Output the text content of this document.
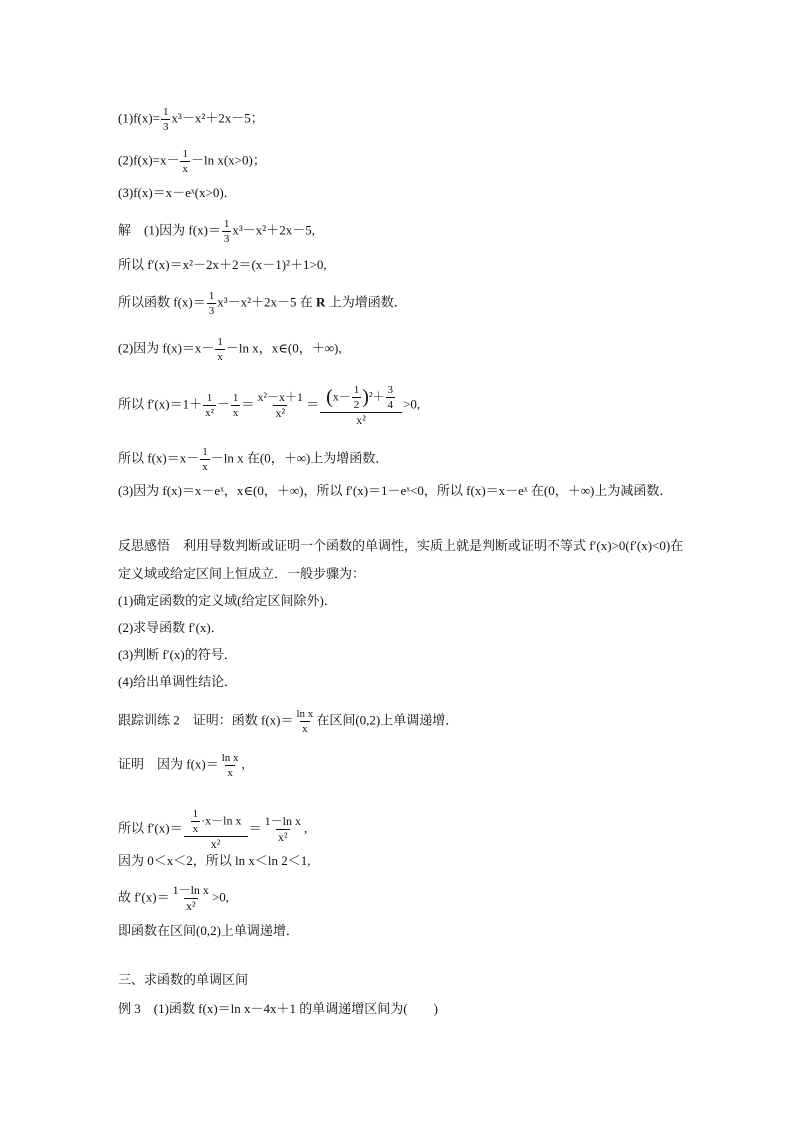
$(1)f(x)= \frac{1}{3} x^3-x^2+2x-5$；
$(2)f(x)=x- \frac{1}{x} -\ln$ x(x>0)；
(3)f(x)＝x－eˣ(x>0)．
解　(1)因为 $f(x)= \frac{1}{3} x^3-x^2+2x-5$,
所以 f′(x)＝x²－2x＋2＝(x－1)²＋1>0,
所以函数 $f(x)= \frac{1}{3} x^3-x^2+2x-5$ 在 R 上为增函数．
(2)因为 $f(x)=x- \frac{1}{x} -\ln$ x，x∈(0，＋∞),
所以 $f'(x)=1+ \frac{1}{\text{x²}} - \frac{1}{x} = \frac{\text{x²－x＋1}}{\text{x²}} = \frac{(x- \frac{1}{2} )^2+ \frac{3}{4}}{\text{x²}} >0$,
所以 $f(x)=x- \frac{1}{x} -\ln$ x 在(0，＋∞)上为增函数．
(3)因为 f(x)＝x－eˣ，x∈(0，＋∞)，所以 f′(x)＝1－eˣ<0，所以 f(x)＝x－eˣ 在(0，＋∞)上为减函数．
反思感悟　利用导数判断或证明一个函数的单调性，实质上就是判断或证明不等式 f′(x)>0(f′(x)<0)在定义域或给定区间上恒成立．一般步骤为：
(1)确定函数的定义域(给定区间除外)．
(2)求导函数 f′(x)．
(3)判断 f′(x)的符号．
(4)给出单调性结论．
跟踪训练 2　证明：函数 $f(x)= \frac{\text{ln x}}{x}$ 在区间(0,2)上单调递增．
证明　因为 $f(x)= \frac{\text{ln x}}{x}$ ,
所以 $f'(x)= \frac{\frac{1}{x} \cdot x-\ln x}{\text{x²}} = \frac{\text{1－ln x}}{\text{x²}}$ ,
因为 0＜x＜2，所以 ln x＜ln 2＜1,
故 $f'(x)= \frac{\text{1－ln x}}{\text{x²}} >0$,
即函数在区间(0,2)上单调递增．
三、求函数的单调区间
例 3　(1)函数 f(x)＝ln x－4x＋1 的单调递增区间为(　　)
